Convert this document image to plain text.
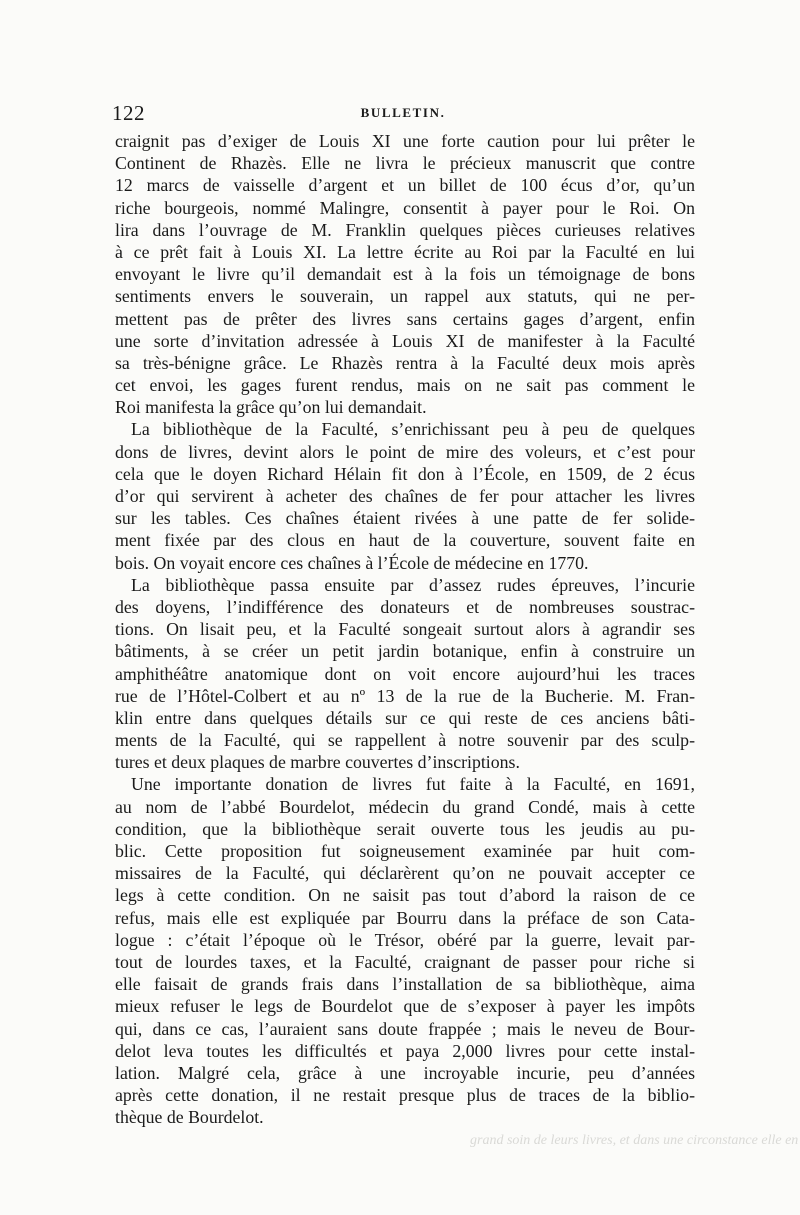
122	BULLETIN.
craignit pas d’exiger de Louis XI une forte caution pour lui prêter le
Continent de Rhazès. Elle ne livra le précieux manuscrit que contre
12 marcs de vaisselle d’argent et un billet de 100 écus d’or, qu’un
riche bourgeois, nommé Malingre, consentit à payer pour le Roi. On
lira dans l’ouvrage de M. Franklin quelques pièces curieuses relatives
à ce prêt fait à Louis XI. La lettre écrite au Roi par la Faculté en lui
envoyant le livre qu’il demandait est à la fois un témoignage de bons
sentiments envers le souverain, un rappel aux statuts, qui ne per-
mettent pas de prêter des livres sans certains gages d’argent, enfin
une sorte d’invitation adressée à Louis XI de manifester à la Faculté
sa très-bénigne grâce. Le Rhazès rentra à la Faculté deux mois après
cet envoi, les gages furent rendus, mais on ne sait pas comment le
Roi manifesta la grâce qu’on lui demandait.
La bibliothèque de la Faculté, s’enrichissant peu à peu de quelques
dons de livres, devint alors le point de mire des voleurs, et c’est pour
cela que le doyen Richard Hélain fit don à l’École, en 1509, de 2 écus
d’or qui servirent à acheter des chaînes de fer pour attacher les livres
sur les tables. Ces chaînes étaient rivées à une patte de fer solide-
ment fixée par des clous en haut de la couverture, souvent faite en
bois. On voyait encore ces chaînes à l’École de médecine en 1770.
La bibliothèque passa ensuite par d’assez rudes épreuves, l’incurie
des doyens, l’indifférence des donateurs et de nombreuses soustrac-
tions. On lisait peu, et la Faculté songeait surtout alors à agrandir ses
bâtiments, à se créer un petit jardin botanique, enfin à construire un
amphithéâtre anatomique dont on voit encore aujourd’hui les traces
rue de l’Hôtel-Colbert et au nº 13 de la rue de la Bucherie. M. Fran-
klin entre dans quelques détails sur ce qui reste de ces anciens bâti-
ments de la Faculté, qui se rappellent à notre souvenir par des sculp-
tures et deux plaques de marbre couvertes d’inscriptions.
Une importante donation de livres fut faite à la Faculté, en 1691,
au nom de l’abbé Bourdelot, médecin du grand Condé, mais à cette
condition, que la bibliothèque serait ouverte tous les jeudis au pu-
blic. Cette proposition fut soigneusement examinée par huit com-
missaires de la Faculté, qui déclarèrent qu’on ne pouvait accepter ce
legs à cette condition. On ne saisit pas tout d’abord la raison de ce
refus, mais elle est expliquée par Bourru dans la préface de son Cata-
logue : c’était l’époque où le Trésor, obéré par la guerre, levait par-
tout de lourdes taxes, et la Faculté, craignant de passer pour riche si
elle faisait de grands frais dans l’installation de sa bibliothèque, aima
mieux refuser le legs de Bourdelot que de s’exposer à payer les impôts
qui, dans ce cas, l’auraient sans doute frappée ; mais le neveu de Bour-
delot leva toutes les difficultés et paya 2,000 livres pour cette instal-
lation. Malgré cela, grâce à une incroyable incurie, peu d’années
après cette donation, il ne restait presque plus de traces de la biblio-
thèque de Bourdelot.
grand soin de leurs livres, et dans une circonstance elle en
